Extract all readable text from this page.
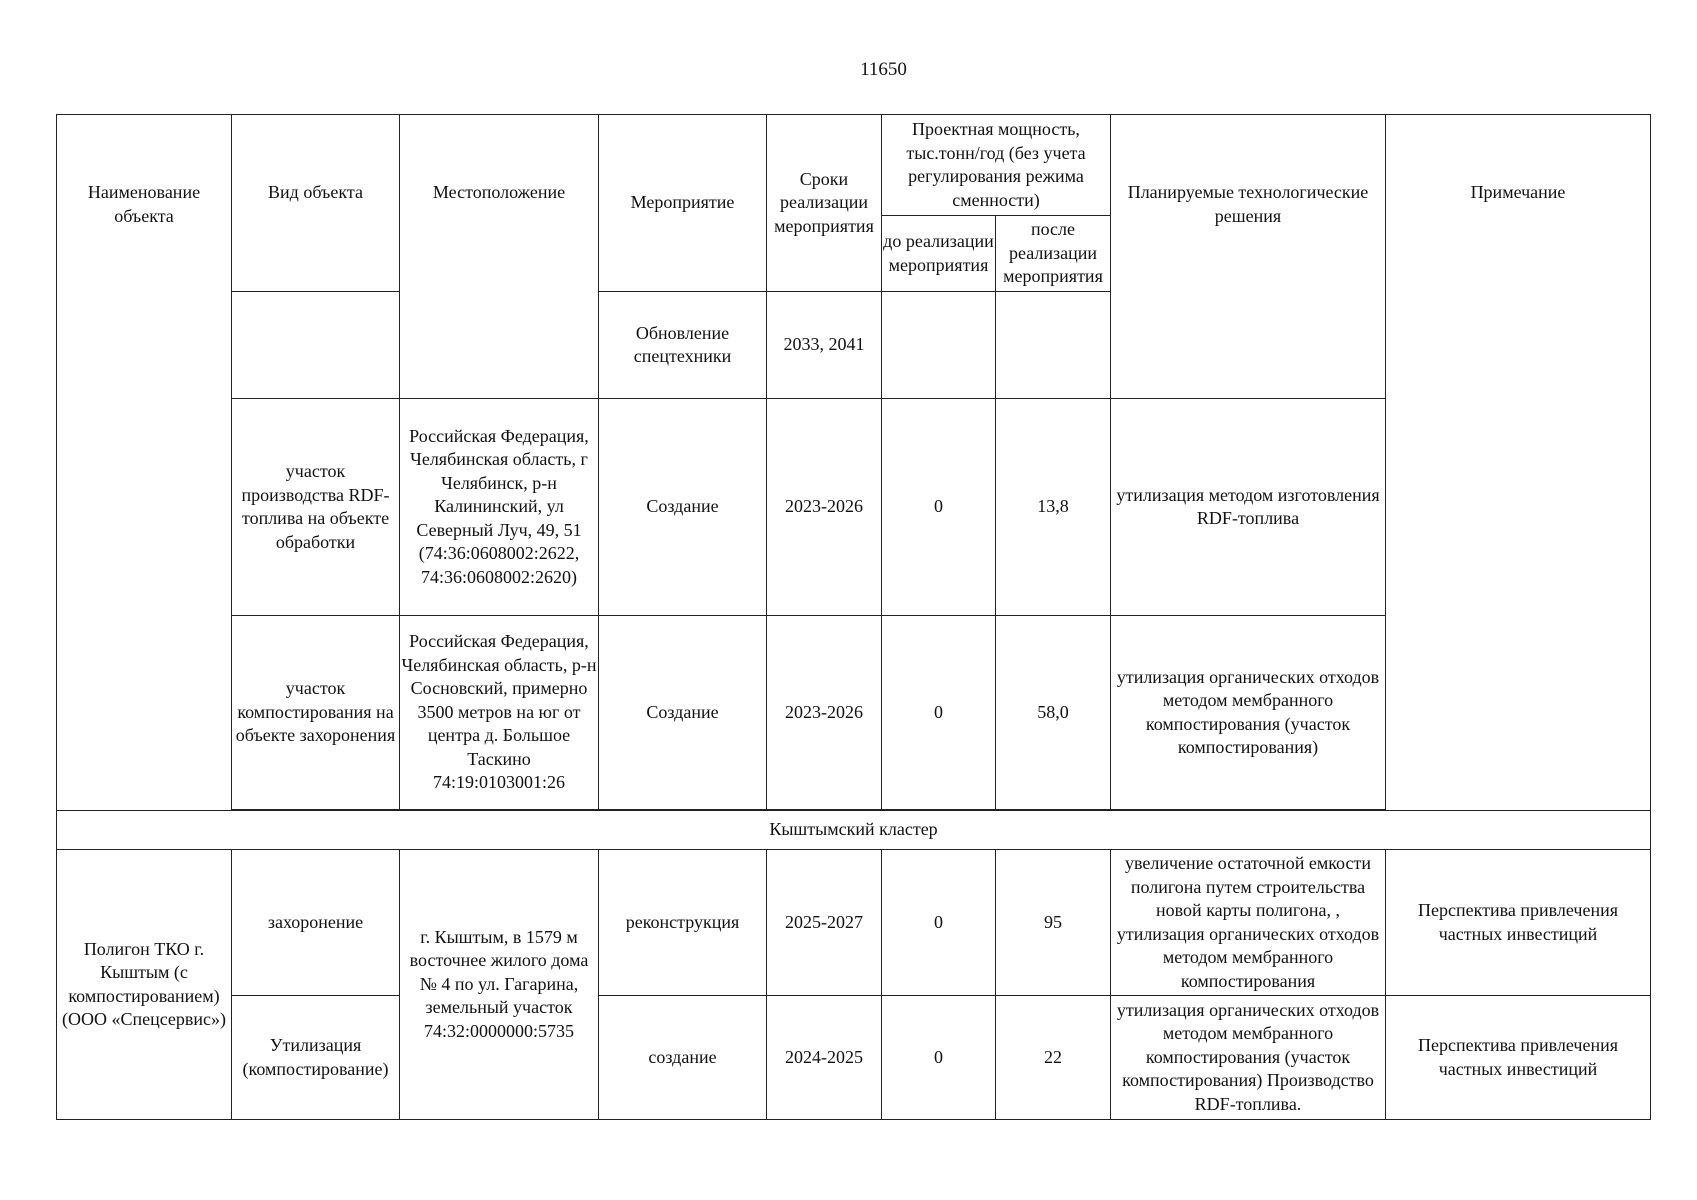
11650
Наименование объекта	Вид объекта	Местоположение	Мероприятие	Сроки реализации мероприятия	Проектная мощность, тыс.тонн/год (без учета регулирования режима сменности)		Планируемые технологические решения	Примечание
					до реализации мероприятия	после реализации мероприятия		
			Обновление спецтехники	2033, 2041				
	участок производства RDF-топлива на объекте обработки	Российская Федерация, Челябинская область, г Челябинск, р-н Калининский, ул Северный Луч, 49, 51 (74:36:0608002:2622, 74:36:0608002:2620)	Создание	2023-2026	0	13,8	утилизация методом изготовления RDF-топлива	
	участок компостирования на объекте захоронения	Российская Федерация, Челябинская область, р-н Сосновский, примерно 3500 метров на юг от центра д. Большое Таскино 74:19:0103001:26	Создание	2023-2026	0	58,0	утилизация органических отходов методом мембранного компостирования (участок компостирования)	

Кыштымский кластер								
Полигон ТКО г. Кыштым (с компостированием) (ООО «Спецсервис»)	захоронение	г. Кыштым, в 1579 м восточнее жилого дома № 4 по ул. Гагарина, земельный участок 74:32:0000000:5735	реконструкция	2025-2027	0	95	увеличение остаточной емкости полигона путем строительства новой карты полигона, , утилизация органических отходов методом мембранного компостирования	Перспектива привлечения частных инвестиций
	Утилизация (компостирование)		создание	2024-2025	0	22	утилизация органических отходов методом мембранного компостирования (участок компостирования) Производство RDF-топлива.	Перспектива привлечения частных инвестиций
